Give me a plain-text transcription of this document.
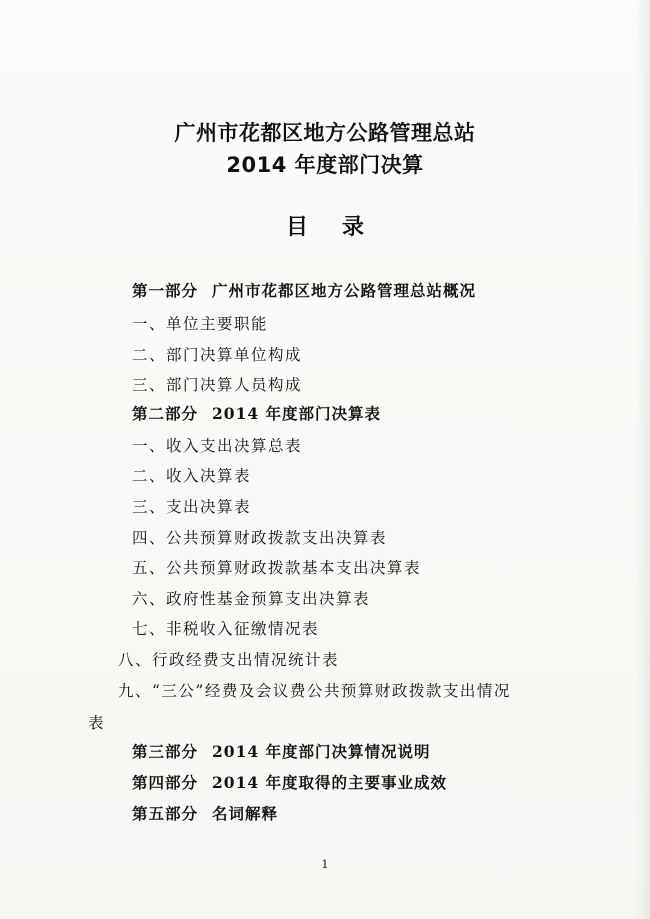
广州市花都区地方公路管理总站
2014 年度部门决算
目录
第一部分 广州市花都区地方公路管理总站概况
一、单位主要职能
二、部门决算单位构成
三、部门决算人员构成
第二部分 2014 年度部门决算表
一、收入支出决算总表
二、收入决算表
三、支出决算表
四、公共预算财政拨款支出决算表
五、公共预算财政拨款基本支出决算表
六、政府性基金预算支出决算表
七、非税收入征缴情况表
八、行政经费支出情况统计表
九、“三公”经费及会议费公共预算财政拨款支出情况
表
第三部分 2014 年度部门决算情况说明
第四部分 2014 年度取得的主要事业成效
第五部分 名词解释
1
